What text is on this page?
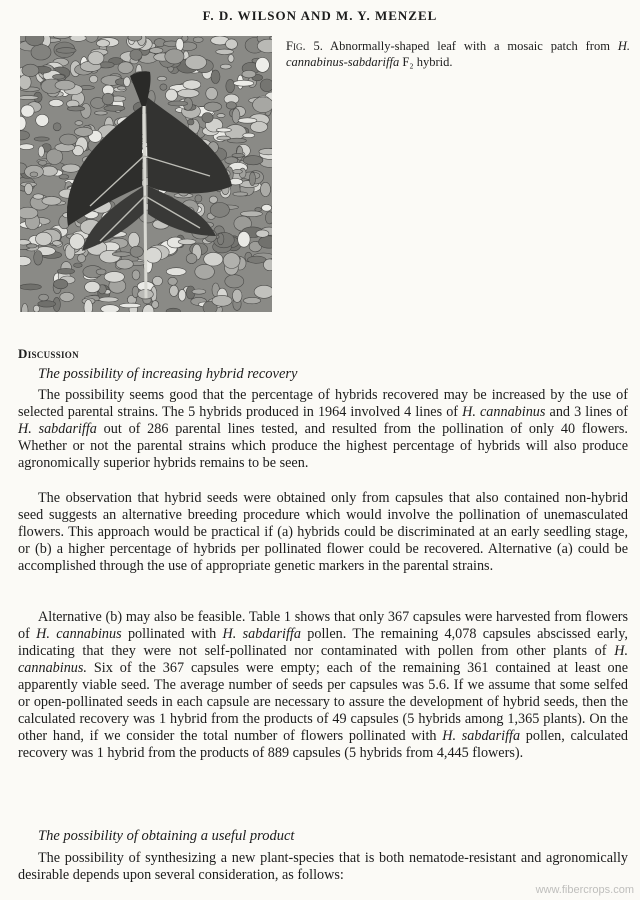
F. D. WILSON AND M. Y. MENZEL
Fig. 5. Abnormally-shaped leaf with a mosaic patch from H. cannabinus-sabdariffa F₂ hybrid.
Discussion
The possibility of increasing hybrid recovery
The possibility seems good that the percentage of hybrids recovered may be increased by the use of selected parental strains. The 5 hybrids produced in 1964 involved 4 lines of H. cannabinus and 3 lines of H. sabdariffa out of 286 parental lines tested, and resulted from the pollination of only 40 flowers. Whether or not the parental strains which produce the highest percentage of hybrids will also produce agronomically superior hybrids remains to be seen.
The observation that hybrid seeds were obtained only from capsules that also contained non-hybrid seed suggests an alternative breeding procedure which would involve the pollination of unemasculated flowers. This approach would be practical if (a) hybrids could be discriminated at an early seedling stage, or (b) a higher percentage of hybrids per pollinated flower could be recovered. Alternative (a) could be accomplished through the use of appropriate genetic markers in the parental strains.
Alternative (b) may also be feasible. Table 1 shows that only 367 capsules were harvested from flowers of H. cannabinus pollinated with H. sabdariffa pollen. The remaining 4,078 capsules abscissed early, indicating that they were not self-pollinated nor contaminated with pollen from other plants of H. cannabinus. Six of the 367 capsules were empty; each of the remaining 361 contained at least one apparently viable seed. The average number of seeds per capsules was 5.6. If we assume that some selfed or open-pollinated seeds in each capsule are necessary to assure the development of hybrid seeds, then the calculated recovery was 1 hybrid from the products of 49 capsules (5 hybrids among 1,365 plants). On the other hand, if we consider the total number of flowers pollinated with H. sabdariffa pollen, calculated recovery was 1 hybrid from the products of 889 capsules (5 hybrids from 4,445 flowers).
The possibility of obtaining a useful product
The possibility of synthesizing a new plant-species that is both nematode-resistant and agronomically desirable depends upon several consideration, as follows:
www.fibercrops.com
